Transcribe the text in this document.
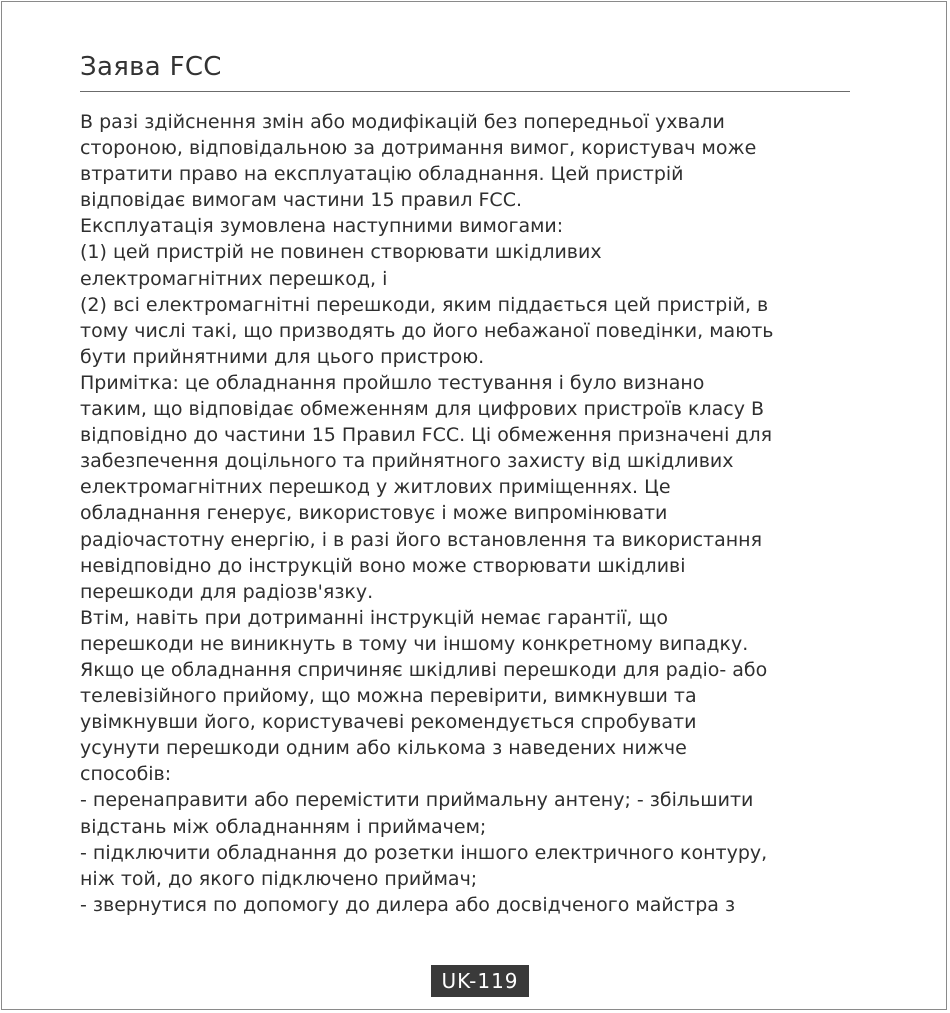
Заява FCC
В разі здійснення змін або модифікацій без попередньої ухвали
стороною, відповідальною за дотримання вимог, користувач може
втратити право на експлуатацію обладнання. Цей пристрій
відповідає вимогам частини 15 правил FCC.
Експлуатація зумовлена наступними вимогами:
(1) цей пристрій не повинен створювати шкідливих
електромагнітних перешкод, і
(2) всі електромагнітні перешкоди, яким піддається цей пристрій, в
тому числі такі, що призводять до його небажаної поведінки, мають
бути прийнятними для цього пристрою.
Примітка: це обладнання пройшло тестування і було визнано
таким, що відповідає обмеженням для цифрових пристроїв класу B
відповідно до частини 15 Правил FCC. Ці обмеження призначені для
забезпечення доцільного та прийнятного захисту від шкідливих
електромагнітних перешкод у житлових приміщеннях. Це
обладнання генерує, використовує і може випромінювати
радіочастотну енергію, і в разі його встановлення та використання
невідповідно до інструкцій воно може створювати шкідливі
перешкоди для радіозв'язку.
Втім, навіть при дотриманні інструкцій немає гарантії, що
перешкоди не виникнуть в тому чи іншому конкретному випадку.
Якщо це обладнання спричиняє шкідливі перешкоди для радіо- або
телевізійного прийому, що можна перевірити, вимкнувши та
увімкнувши його, користувачеві рекомендується спробувати
усунути перешкоди одним або кількома з наведених нижче
способів:
- перенаправити або перемістити приймальну антену; - збільшити
відстань між обладнанням і приймачем;
- підключити обладнання до розетки іншого електричного контуру,
ніж той, до якого підключено приймач;
- звернутися по допомогу до дилера або досвідченого майстра з
UK-119
